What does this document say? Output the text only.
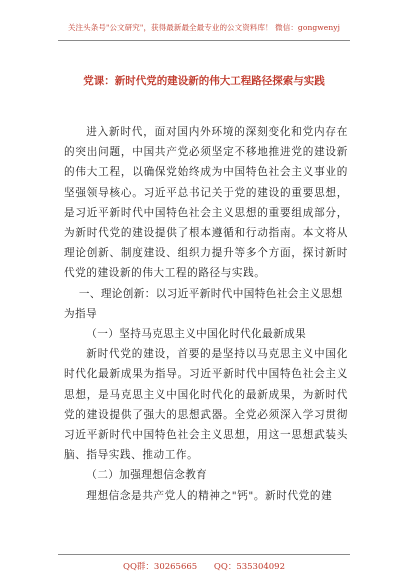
关注头条号"公文研究"，获得最新最全最专业的公文资料库！ 微信：gongwenyj
党课：新时代党的建设新的伟大工程路径探索与实践

进入新时代，面对国内外环境的深刻变化和党内存在的突出问题，中国共产党必须坚定不移地推进党的建设新的伟大工程，以确保党始终成为中国特色社会主义事业的坚强领导核心。习近平总书记关于党的建设的重要思想，是习近平新时代中国特色社会主义思想的重要组成部分，为新时代党的建设提供了根本遵循和行动指南。本文将从理论创新、制度建设、组织力提升等多个方面，探讨新时代党的建设新的伟大工程的路径与实践。

一、理论创新：以习近平新时代中国特色社会主义思想为指导

（一）坚持马克思主义中国化时代化最新成果

新时代党的建设，首要的是坚持以马克思主义中国化时代化最新成果为指导。习近平新时代中国特色社会主义思想，是马克思主义中国化时代化的最新成果，为新时代党的建设提供了强大的思想武器。全党必须深入学习贯彻习近平新时代中国特色社会主义思想，用这一思想武装头脑、指导实践、推动工作。

（二）加强理想信念教育

理想信念是共产党人的精神之"钙"。新时代党的建

QQ群：30265665 QQ：535304092
